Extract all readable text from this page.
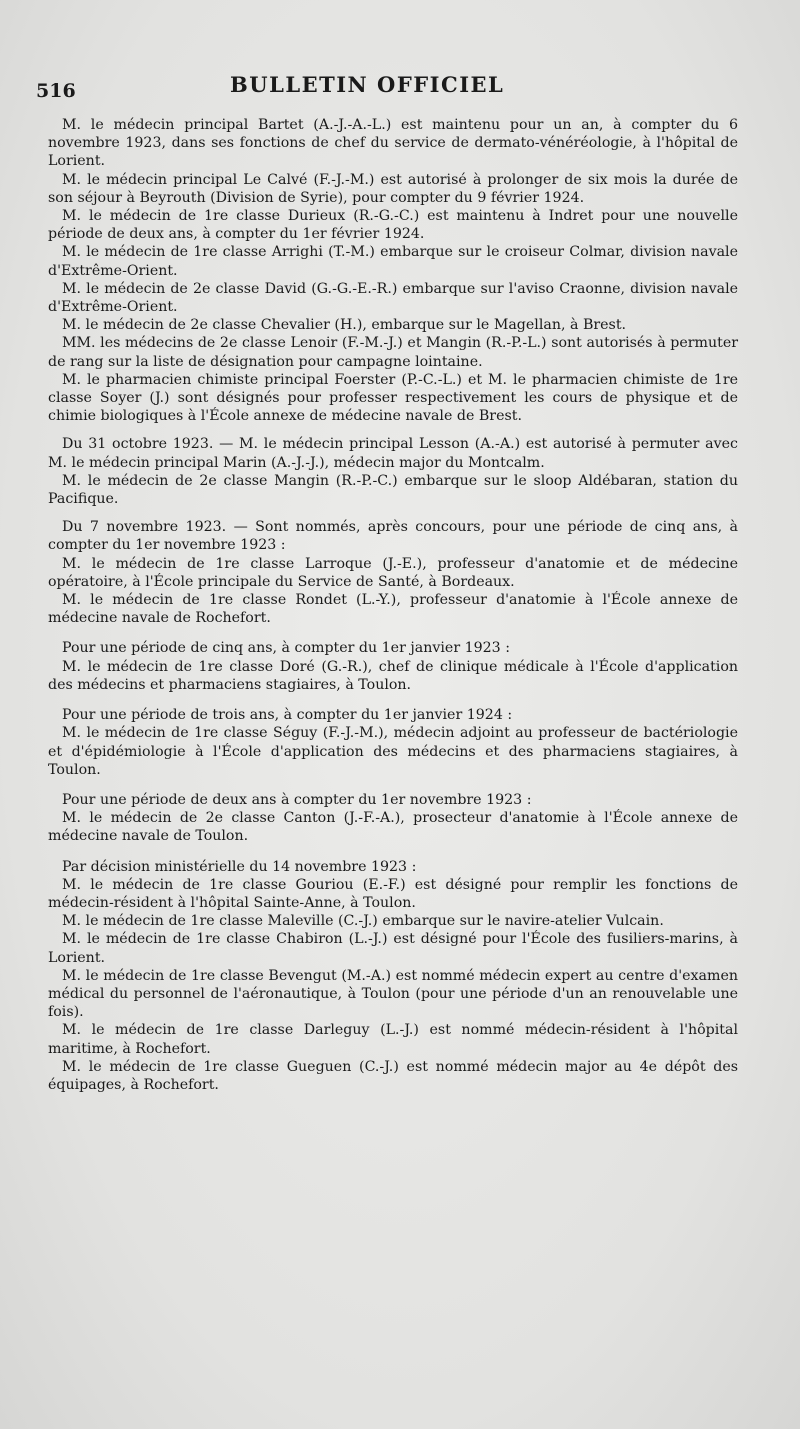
516	BULLETIN OFFICIEL

M. le médecin principal Bartet (A.-J.-A.-L.) est maintenu pour un an, à compter du 6 novembre 1923, dans ses fonctions de chef du service de dermato-vénéréologie, à l'hôpital de Lorient.

M. le médecin principal Le Calvé (F.-J.-M.) est autorisé à prolonger de six mois la durée de son séjour à Beyrouth (Division de Syrie), pour compter du 9 février 1924.

M. le médecin de 1re classe Durieux (R.-G.-C.) est maintenu à Indret pour une nouvelle période de deux ans, à compter du 1er février 1924.

M. le médecin de 1re classe Arrighi (T.-M.) embarque sur le croiseur Colmar, division navale d'Extrême-Orient.

M. le médecin de 2e classe David (G.-G.-E.-R.) embarque sur l'aviso Craonne, division navale d'Extrême-Orient.

M. le médecin de 2e classe Chevalier (H.), embarque sur le Magellan, à Brest.

MM. les médecins de 2e classe Lenoir (F.-M.-J.) et Mangin (R.-P.-L.) sont autorisés à permuter de rang sur la liste de désignation pour campagne lointaine.

M. le pharmacien chimiste principal Foerster (P.-C.-L.) et M. le pharmacien chimiste de 1re classe Soyer (J.) sont désignés pour professer respectivement les cours de physique et de chimie biologiques à l'École annexe de médecine navale de Brest.

Du 31 octobre 1923. — M. le médecin principal Lesson (A.-A.) est autorisé à permuter avec M. le médecin principal Marin (A.-J.-J.), médecin major du Montcalm.

M. le médecin de 2e classe Mangin (R.-P.-C.) embarque sur le sloop Aldébaran, station du Pacifique.

Du 7 novembre 1923. — Sont nommés, après concours, pour une période de cinq ans, à compter du 1er novembre 1923 :

M. le médecin de 1re classe Larroque (J.-E.), professeur d'anatomie et de médecine opératoire, à l'École principale du Service de Santé, à Bordeaux.

M. le médecin de 1re classe Rondet (L.-Y.), professeur d'anatomie à l'École annexe de médecine navale de Rochefort.

Pour une période de cinq ans, à compter du 1er janvier 1923 :

M. le médecin de 1re classe Doré (G.-R.), chef de clinique médicale à l'École d'application des médecins et pharmaciens stagiaires, à Toulon.

Pour une période de trois ans, à compter du 1er janvier 1924 :

M. le médecin de 1re classe Séguy (F.-J.-M.), médecin adjoint au professeur de bactériologie et d'épidémiologie à l'École d'application des médecins et des pharmaciens stagiaires, à Toulon.

Pour une période de deux ans à compter du 1er novembre 1923 :

M. le médecin de 2e classe Canton (J.-F.-A.), prosecteur d'anatomie à l'École annexe de médecine navale de Toulon.

Par décision ministérielle du 14 novembre 1923 :

M. le médecin de 1re classe Gouriou (E.-F.) est désigné pour remplir les fonctions de médecin-résident à l'hôpital Sainte-Anne, à Toulon.

M. le médecin de 1re classe Maleville (C.-J.) embarque sur le navire-atelier Vulcain.

M. le médecin de 1re classe Chabiron (L.-J.) est désigné pour l'École des fusiliers-marins, à Lorient.

M. le médecin de 1re classe Bevengut (M.-A.) est nommé médecin expert au centre d'examen médical du personnel de l'aéronautique, à Toulon (pour une période d'un an renouvelable une fois).

M. le médecin de 1re classe Darleguy (L.-J.) est nommé médecin-résident à l'hôpital maritime, à Rochefort.

M. le médecin de 1re classe Gueguen (C.-J.) est nommé médecin major au 4e dépôt des équipages, à Rochefort.
